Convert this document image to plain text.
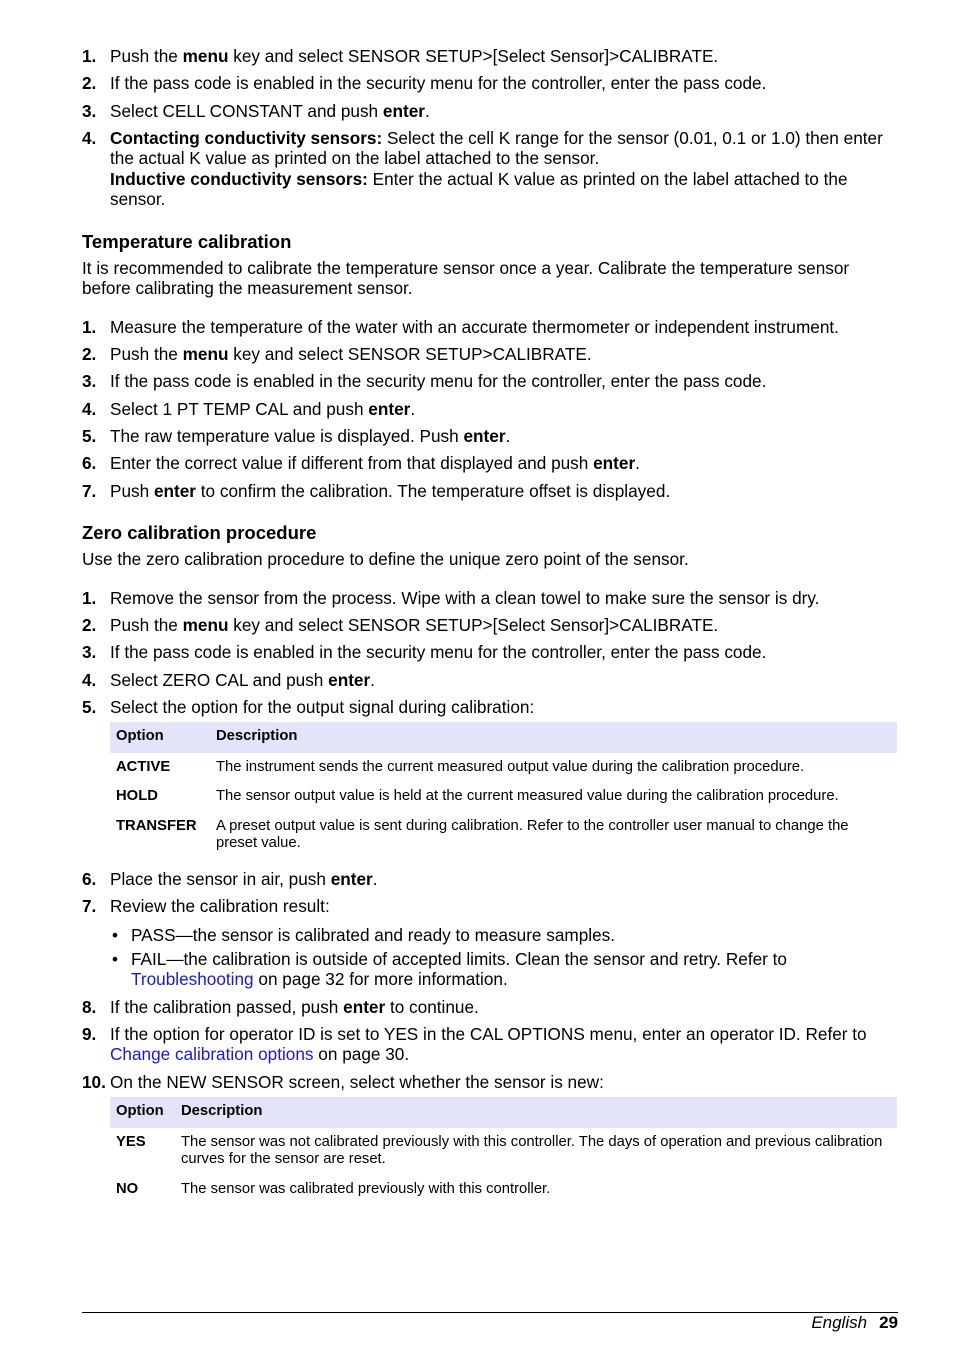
1. Push the menu key and select SENSOR SETUP>[Select Sensor]>CALIBRATE.
2. If the pass code is enabled in the security menu for the controller, enter the pass code.
3. Select CELL CONSTANT and push enter.
4. Contacting conductivity sensors: Select the cell K range for the sensor (0.01, 0.1 or 1.0) then enter the actual K value as printed on the label attached to the sensor.
Inductive conductivity sensors: Enter the actual K value as printed on the label attached to the sensor.
Temperature calibration

It is recommended to calibrate the temperature sensor once a year. Calibrate the temperature sensor before calibrating the measurement sensor.

1. Measure the temperature of the water with an accurate thermometer or independent instrument.
2. Push the menu key and select SENSOR SETUP>CALIBRATE.
3. If the pass code is enabled in the security menu for the controller, enter the pass code.
4. Select 1 PT TEMP CAL and push enter.
5. The raw temperature value is displayed. Push enter.
6. Enter the correct value if different from that displayed and push enter.
7. Push enter to confirm the calibration. The temperature offset is displayed.
Zero calibration procedure

Use the zero calibration procedure to define the unique zero point of the sensor.

1. Remove the sensor from the process. Wipe with a clean towel to make sure the sensor is dry.
2. Push the menu key and select SENSOR SETUP>[Select Sensor]>CALIBRATE.
3. If the pass code is enabled in the security menu for the controller, enter the pass code.
4. Select ZERO CAL and push enter.
5. Select the option for the output signal during calibration:
Option	Description
ACTIVE	The instrument sends the current measured output value during the calibration procedure.
HOLD	The sensor output value is held at the current measured value during the calibration procedure.
TRANSFER	A preset output value is sent during calibration. Refer to the controller user manual to change the preset value.
6. Place the sensor in air, push enter.
7. Review the calibration result:
• PASS—the sensor is calibrated and ready to measure samples.
• FAIL—the calibration is outside of accepted limits. Clean the sensor and retry. Refer to Troubleshooting on page 32 for more information.
8. If the calibration passed, push enter to continue.
9. If the option for operator ID is set to YES in the CAL OPTIONS menu, enter an operator ID. Refer to Change calibration options on page 30.
10. On the NEW SENSOR screen, select whether the sensor is new:
Option	Description
YES	The sensor was not calibrated previously with this controller. The days of operation and previous calibration curves for the sensor are reset.
NO	The sensor was calibrated previously with this controller.
English 29
